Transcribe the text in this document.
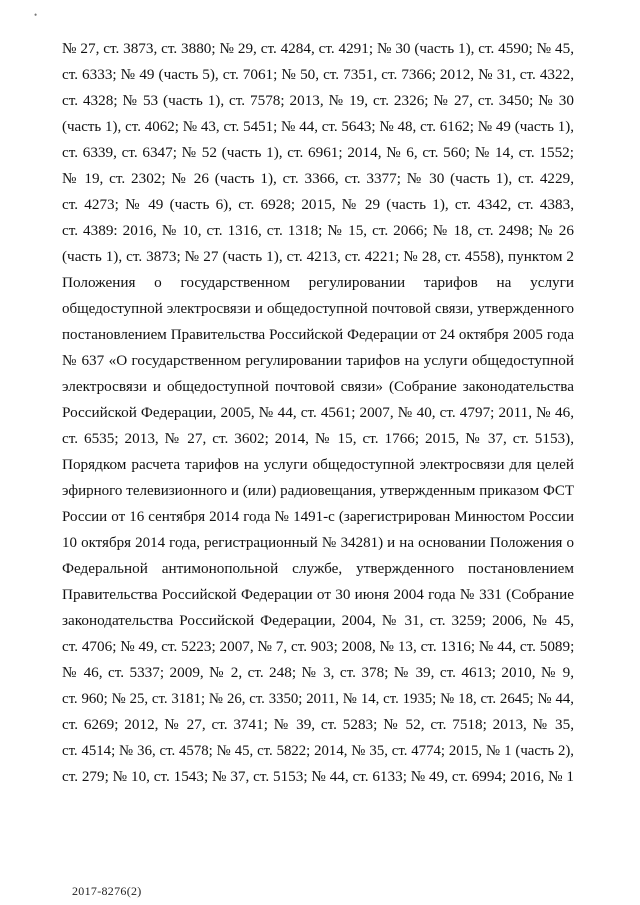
•
№ 27, ст. 3873, ст. 3880; № 29, ст. 4284, ст. 4291; № 30 (часть 1), ст. 4590; № 45,
ст. 6333; № 49 (часть 5), ст. 7061; № 50, ст. 7351, ст. 7366; 2012, № 31, ст. 4322,
ст. 4328; № 53 (часть 1), ст. 7578; 2013, № 19, ст. 2326; № 27, ст. 3450; № 30
(часть 1), ст. 4062; № 43, ст. 5451; № 44, ст. 5643; № 48, ст. 6162; № 49 (часть 1),
ст. 6339, ст. 6347; № 52 (часть 1), ст. 6961; 2014, № 6, ст. 560; № 14, ст. 1552;
№ 19, ст. 2302; № 26 (часть 1), ст. 3366, ст. 3377; № 30 (часть 1), ст. 4229,
ст. 4273; № 49 (часть 6), ст. 6928; 2015, № 29 (часть 1), ст. 4342, ст. 4383,
ст. 4389: 2016, № 10, ст. 1316, ст. 1318; № 15, ст. 2066; № 18, ст. 2498; № 26
(часть 1), ст. 3873; № 27 (часть 1), ст. 4213, ст. 4221; № 28, ст. 4558), пунктом 2
Положения о государственном регулировании тарифов на услуги
общедоступной электросвязи и общедоступной почтовой связи, утвержденного
постановлением Правительства Российской Федерации от 24 октября 2005 года
№ 637 «О государственном регулировании тарифов на услуги общедоступной
электросвязи и общедоступной почтовой связи» (Собрание законодательства
Российской Федерации, 2005, № 44, ст. 4561; 2007, № 40, ст. 4797; 2011, № 46,
ст. 6535; 2013, № 27, ст. 3602; 2014, № 15, ст. 1766; 2015, № 37, ст. 5153),
Порядком расчета тарифов на услуги общедоступной электросвязи для целей
эфирного телевизионного и (или) радиовещания, утвержденным приказом ФСТ
России от 16 сентября 2014 года № 1491-с (зарегистрирован Минюстом России
10 октября 2014 года, регистрационный № 34281) и на основании Положения о
Федеральной антимонопольной службе, утвержденного постановлением
Правительства Российской Федерации от 30 июня 2004 года № 331 (Собрание
законодательства Российской Федерации, 2004, № 31, ст. 3259; 2006, № 45,
ст. 4706; № 49, ст. 5223; 2007, № 7, ст. 903; 2008, № 13, ст. 1316; № 44, ст. 5089;
№ 46, ст. 5337; 2009, № 2, ст. 248; № 3, ст. 378; № 39, ст. 4613; 2010, № 9,
ст. 960; № 25, ст. 3181; № 26, ст. 3350; 2011, № 14, ст. 1935; № 18, ст. 2645; № 44,
ст. 6269; 2012, № 27, ст. 3741; № 39, ст. 5283; № 52, ст. 7518; 2013, № 35,
ст. 4514; № 36, ст. 4578; № 45, ст. 5822; 2014, № 35, ст. 4774; 2015, № 1 (часть 2),
ст. 279; № 10, ст. 1543; № 37, ст. 5153; № 44, ст. 6133; № 49, ст. 6994; 2016, № 1
2017-8276(2)
